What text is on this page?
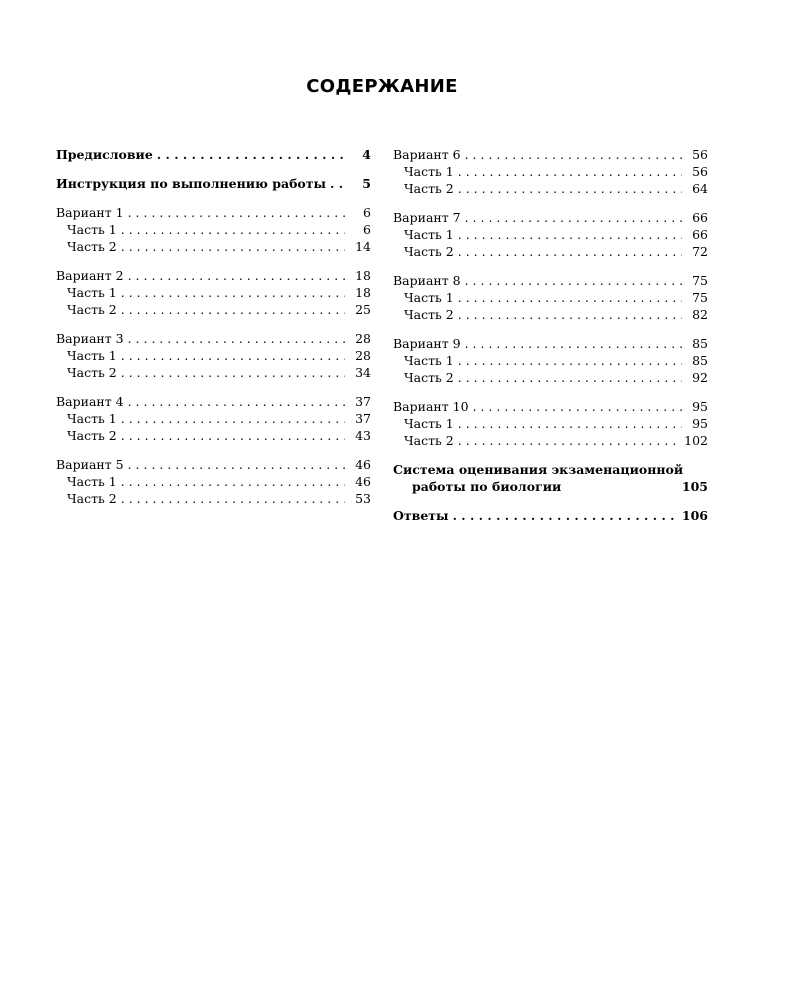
СОДЕРЖАНИЕ
Предисловие . . .	4
Инструкция по выполнению работы . . .	5
Вариант 1 . . .	6
Часть 1 . . .	6
Часть 2 . . .	14
Вариант 2 . . .	18
Часть 1 . . .	18
Часть 2 . . .	25
Вариант 3 . . .	28
Часть 1 . . .	28
Часть 2 . . .	34
Вариант 4 . . .	37
Часть 1 . . .	37
Часть 2 . . .	43
Вариант 5 . . .	46
Часть 1 . . .	46
Часть 2 . . .	53
Вариант 6 . . .	56
Часть 1 . . .	56
Часть 2 . . .	64
Вариант 7 . . .	66
Часть 1 . . .	66
Часть 2 . . .	72
Вариант 8 . . .	75
Часть 1 . . .	75
Часть 2 . . .	82
Вариант 9 . . .	85
Часть 1 . . .	85
Часть 2 . . .	92
Вариант 10 . . .	95
Часть 1 . . .	95
Часть 2 . . .	102
Система оценивания экзаменационной
работы по биологии	105
Ответы . . .	106
